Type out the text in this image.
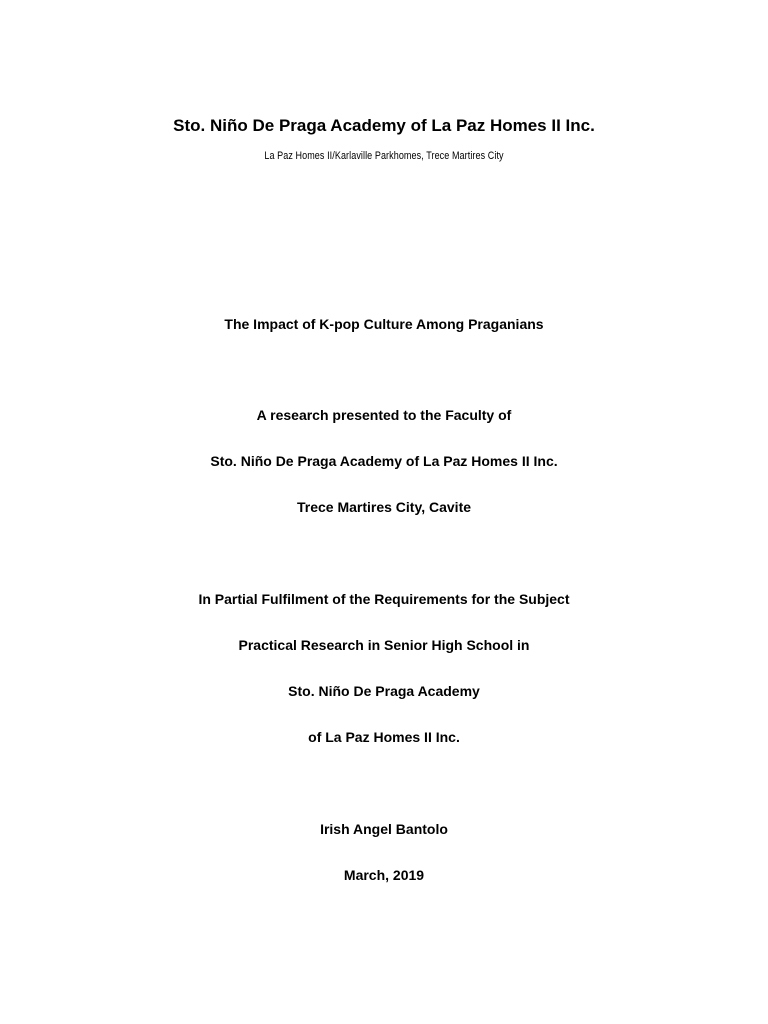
Sto. Niño De Praga Academy of La Paz Homes II Inc.
La Paz Homes II/Karlaville Parkhomes, Trece Martires City
The Impact of K-pop Culture Among Praganians
A research presented to the Faculty of
Sto. Niño De Praga Academy of La Paz Homes II Inc.
Trece Martires City, Cavite
In Partial Fulfilment of the Requirements for the Subject
Practical Research in Senior High School in
Sto. Niño De Praga Academy
of La Paz Homes II Inc.
Irish Angel Bantolo
March, 2019
